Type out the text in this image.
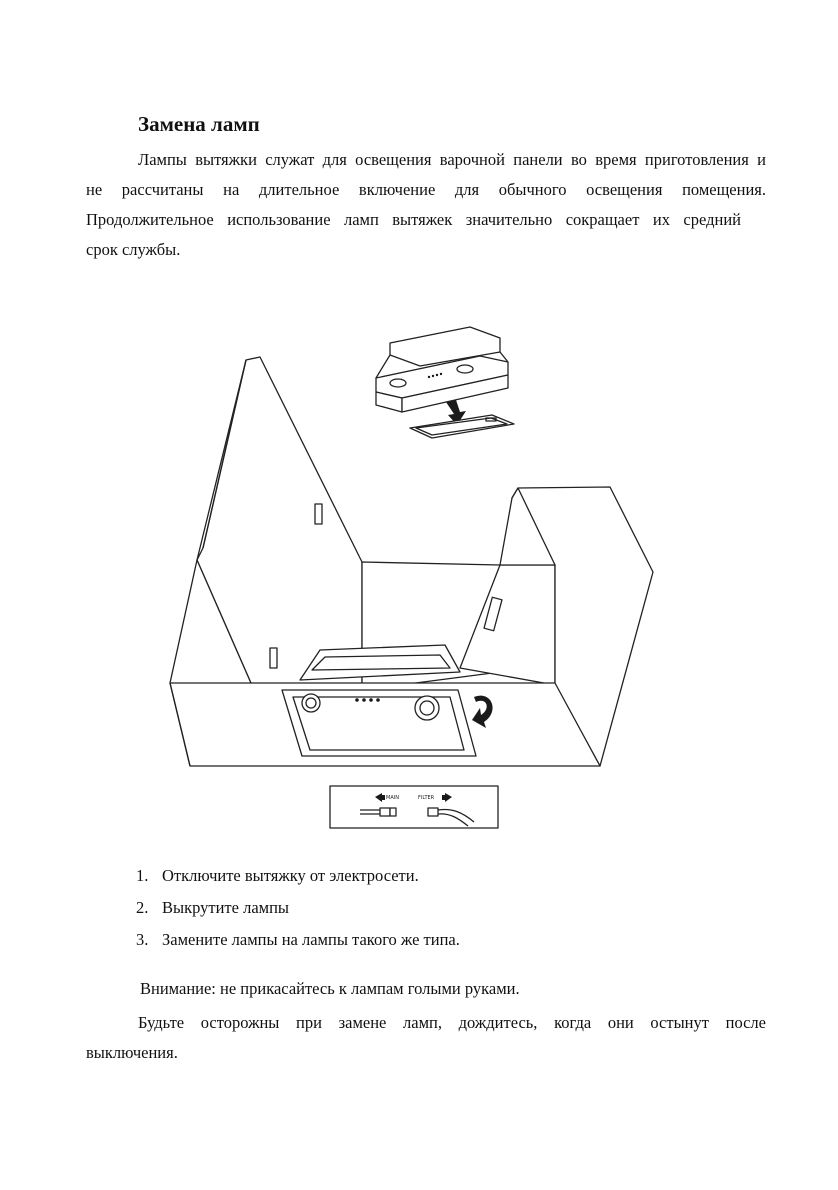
Замена ламп
Лампы вытяжки служат для освещения варочной панели во время приготовления и
не рассчитаны на длительное включение для обычного освещения помещения.
Продолжительное использование ламп вытяжек значительно сокращает их средний
срок службы.
MAIN	FILTER
1. Отключите вытяжку от электросети.
2. Выкрутите лампы
3. Замените лампы на лампы такого же типа.
Внимание: не прикасайтесь к лампам голыми руками.
Будьте осторожны при замене ламп, дождитесь, когда они остынут после
выключения.
